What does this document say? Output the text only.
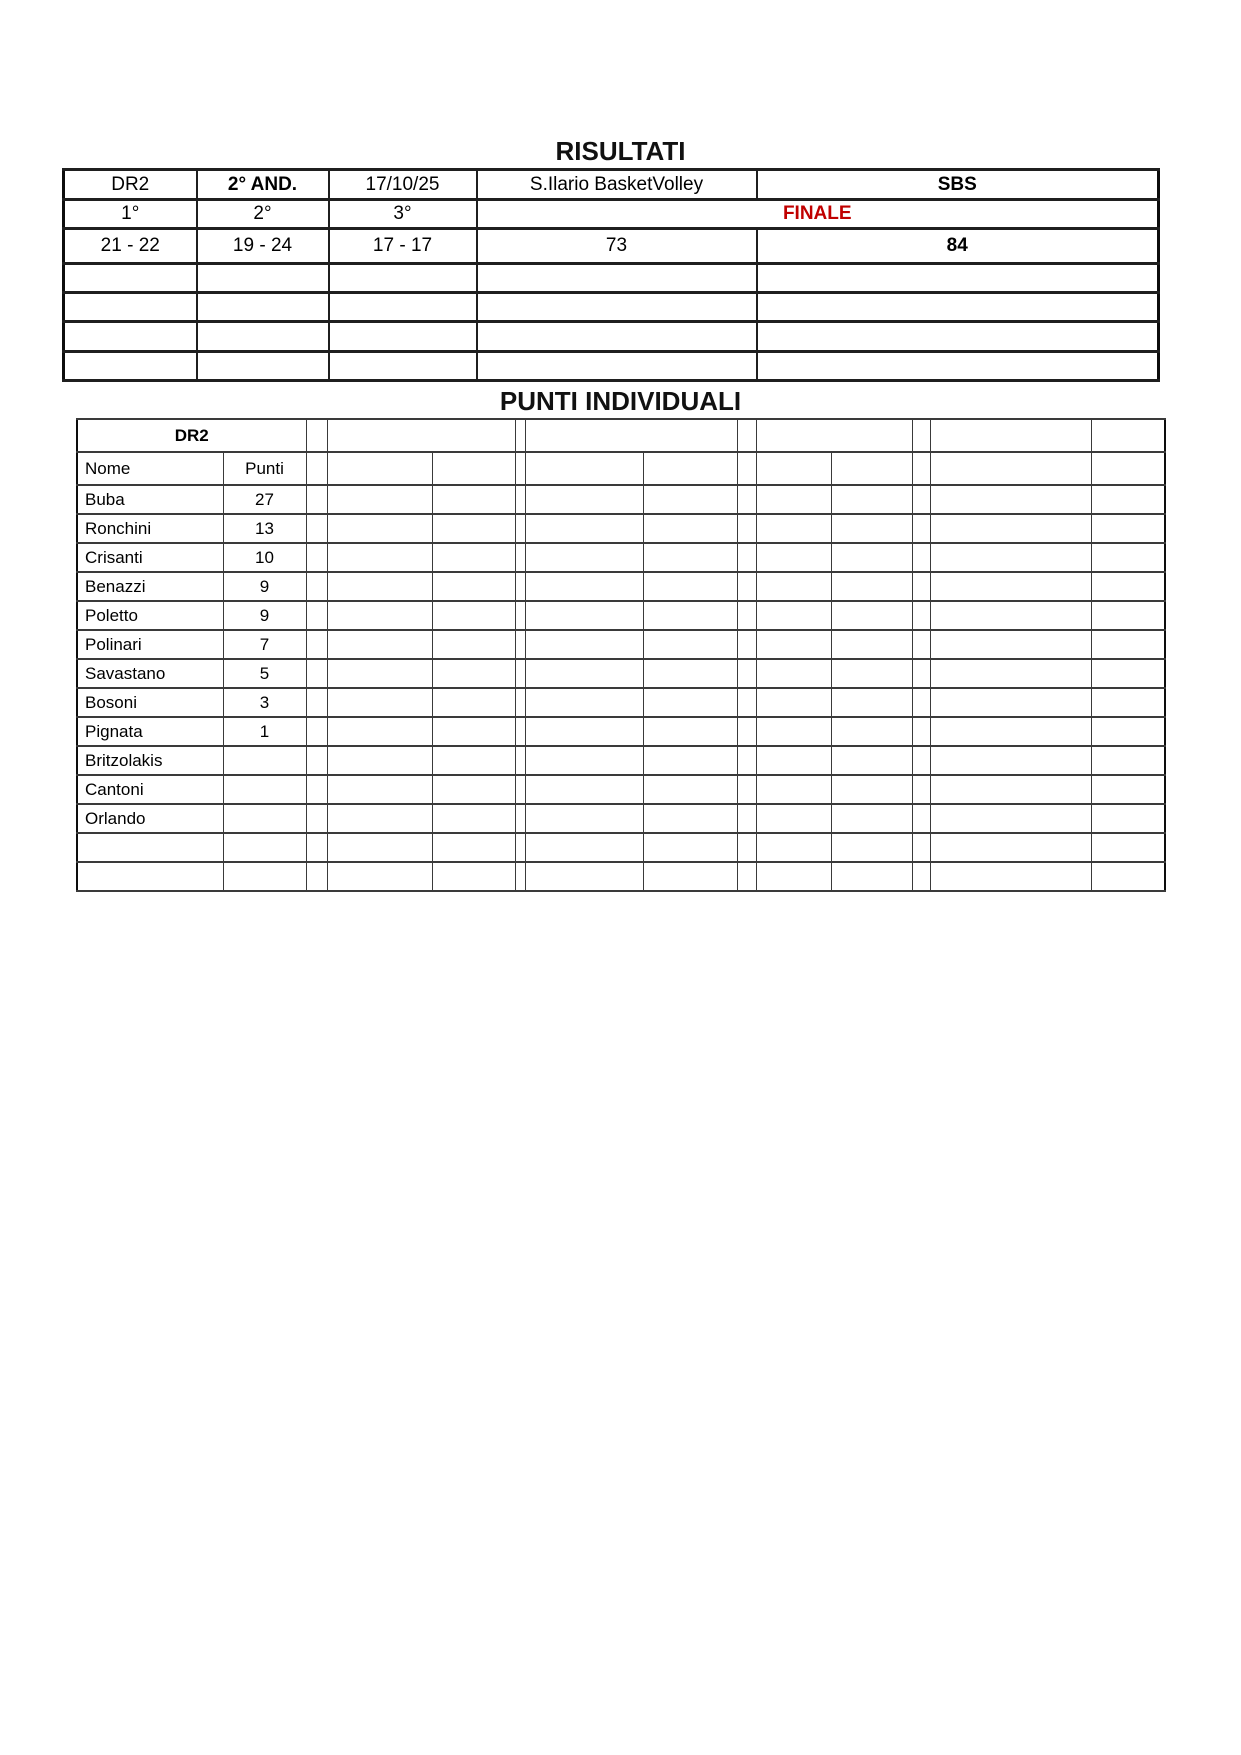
RISULTATI
DR2	2° AND.	17/10/25	S.Ilario BasketVolley	SBS
1°	2°	3°	FINALE	
21 - 22	19 - 24	17 - 17	73	84

PUNTI INDIVIDUALI
DR2													
Nome	Punti												
Buba	27												
Ronchini	13												
Crisanti	10												
Benazzi	9												
Poletto	9												
Polinari	7												
Savastano	5												
Bosoni	3												
Pignata	1												
Britzolakis													
Cantoni													
Orlando													
